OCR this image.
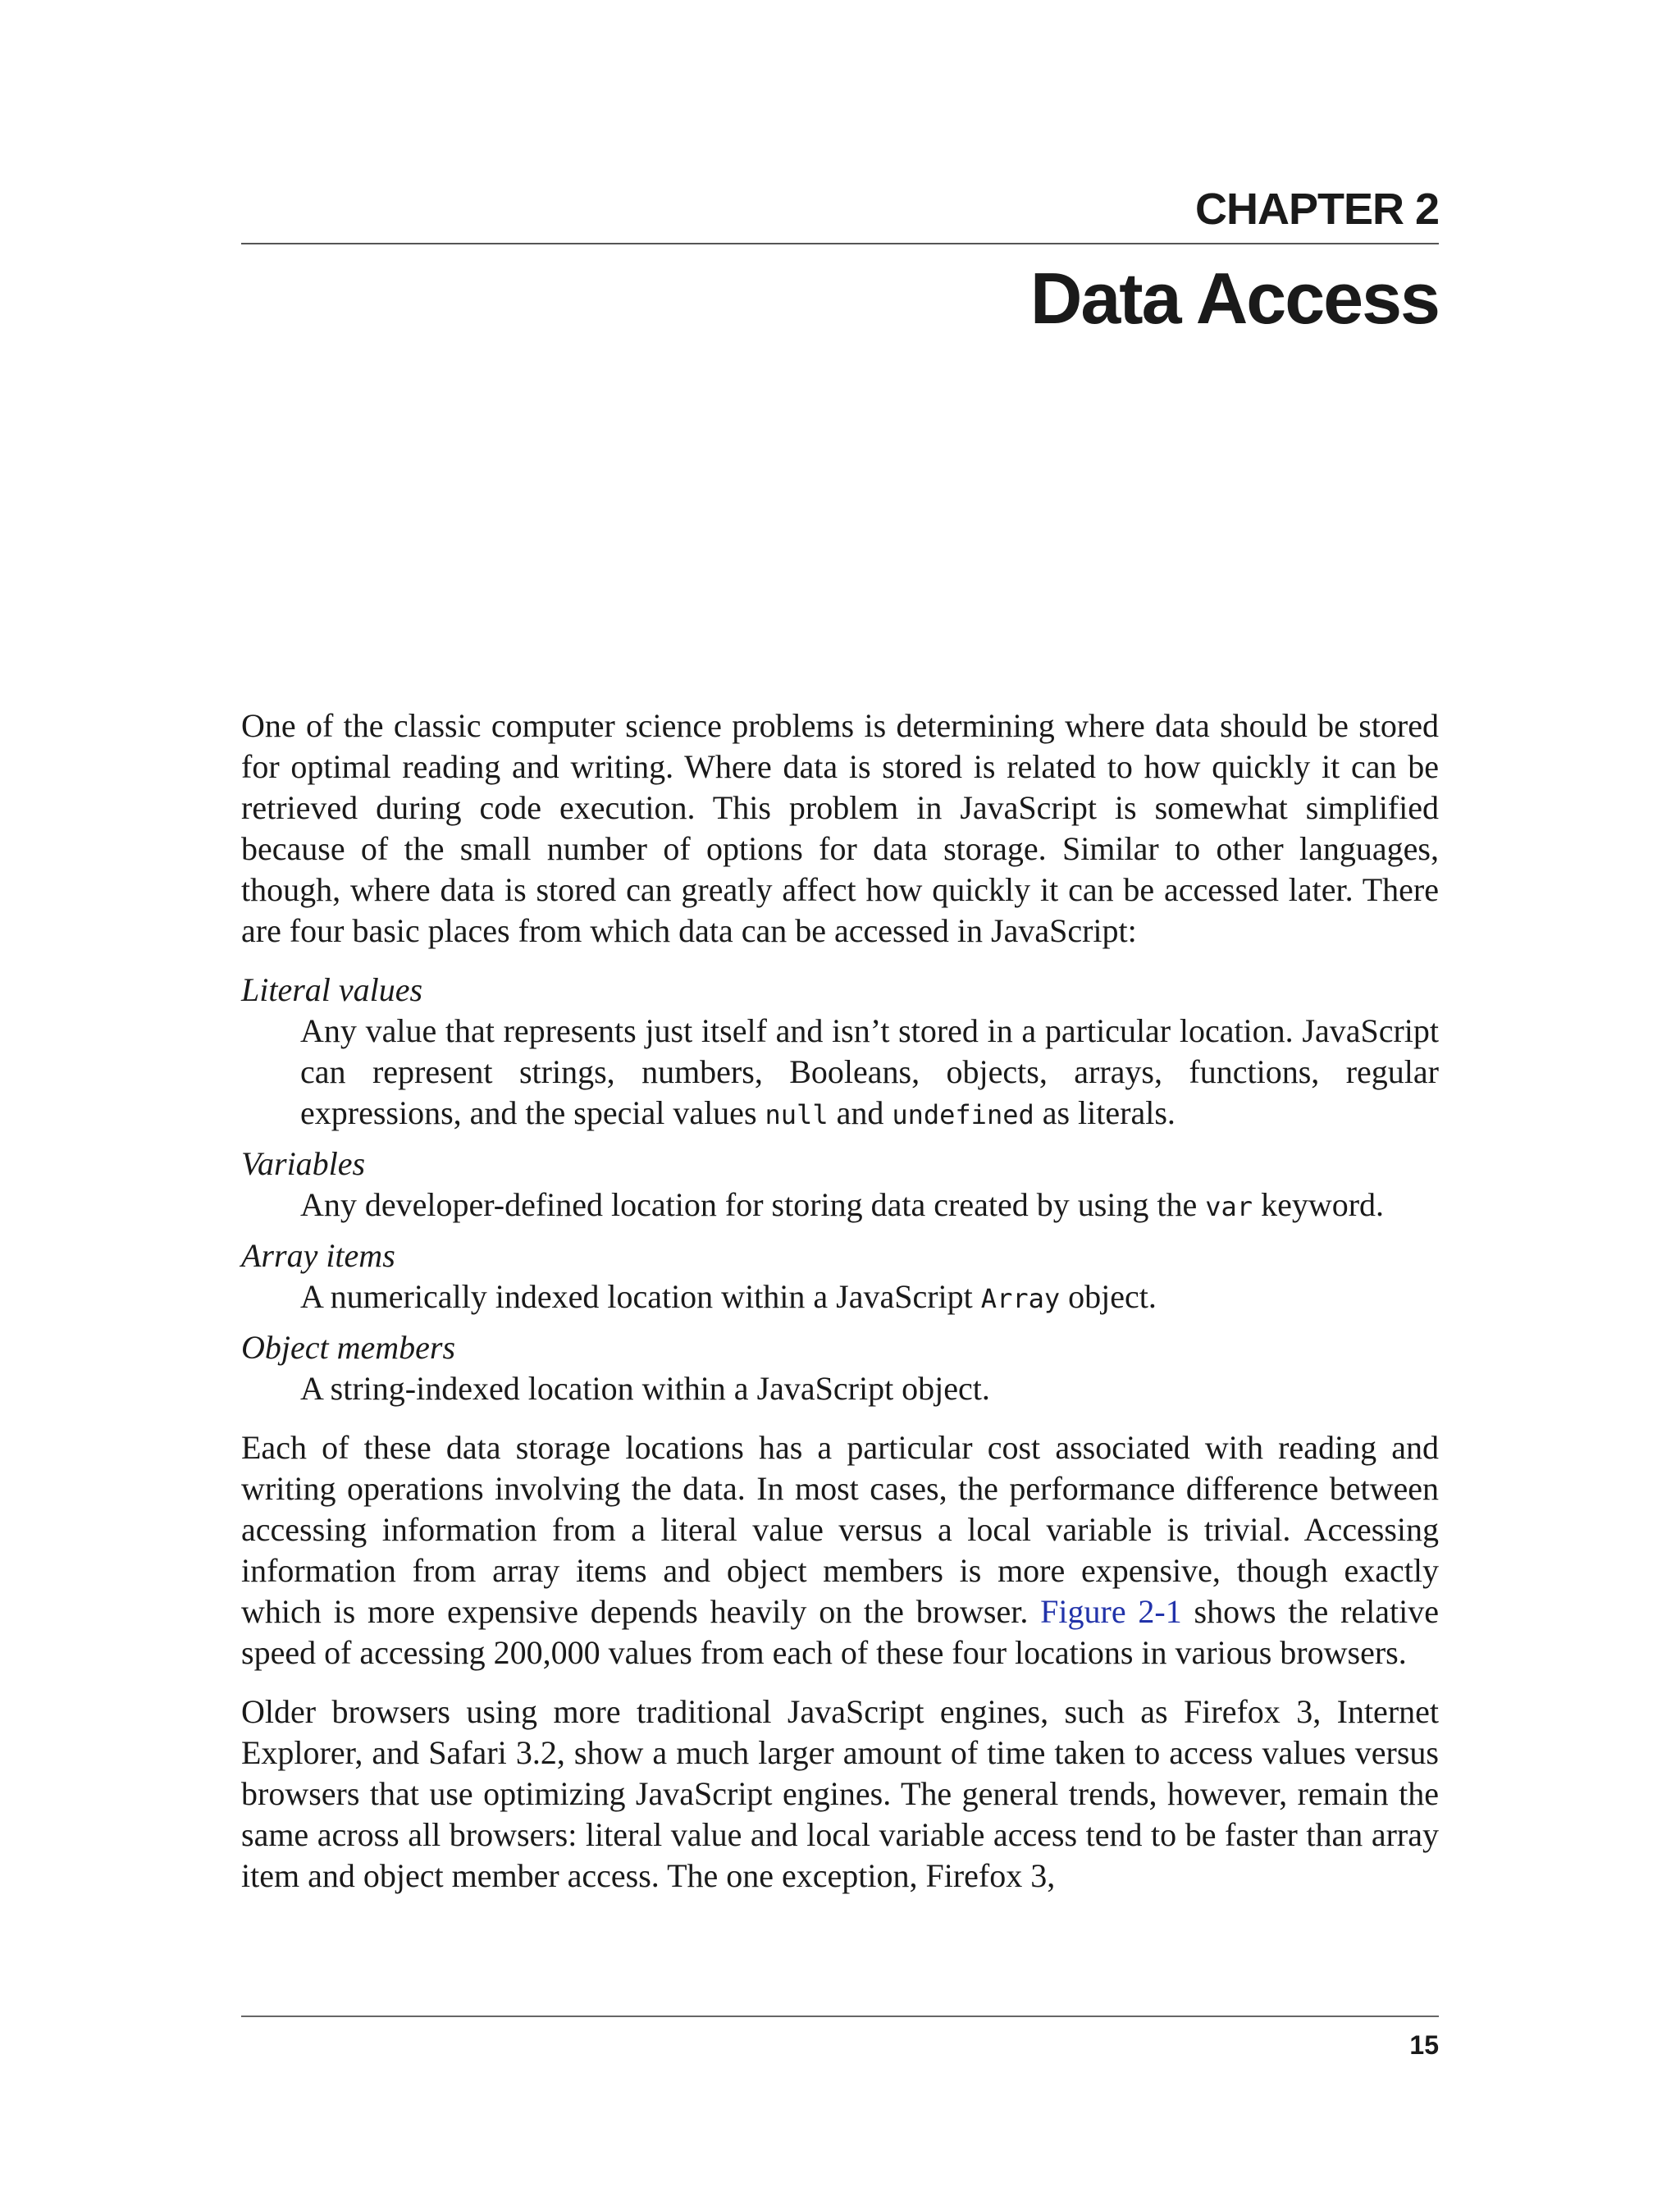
CHAPTER 2
Data Access

One of the classic computer science problems is determining where data should be stored for optimal reading and writing. Where data is stored is related to how quickly it can be retrieved during code execution. This problem in JavaScript is somewhat simplified because of the small number of options for data storage. Similar to other languages, though, where data is stored can greatly affect how quickly it can be accessed later. There are four basic places from which data can be accessed in JavaScript:

Literal values
Any value that represents just itself and isn’t stored in a particular location. JavaScript can represent strings, numbers, Booleans, objects, arrays, functions, regular expressions, and the special values null and undefined as literals.
Variables
Any developer-defined location for storing data created by using the var keyword.
Array items
A numerically indexed location within a JavaScript Array object.
Object members
A string-indexed location within a JavaScript object.

Each of these data storage locations has a particular cost associated with reading and writing operations involving the data. In most cases, the performance difference between accessing information from a literal value versus a local variable is trivial. Accessing information from array items and object members is more expensive, though exactly which is more expensive depends heavily on the browser. Figure 2-1 shows the relative speed of accessing 200,000 values from each of these four locations in various browsers.

Older browsers using more traditional JavaScript engines, such as Firefox 3, Internet Explorer, and Safari 3.2, show a much larger amount of time taken to access values versus browsers that use optimizing JavaScript engines. The general trends, however, remain the same across all browsers: literal value and local variable access tend to be faster than array item and object member access. The one exception, Firefox 3,

15
